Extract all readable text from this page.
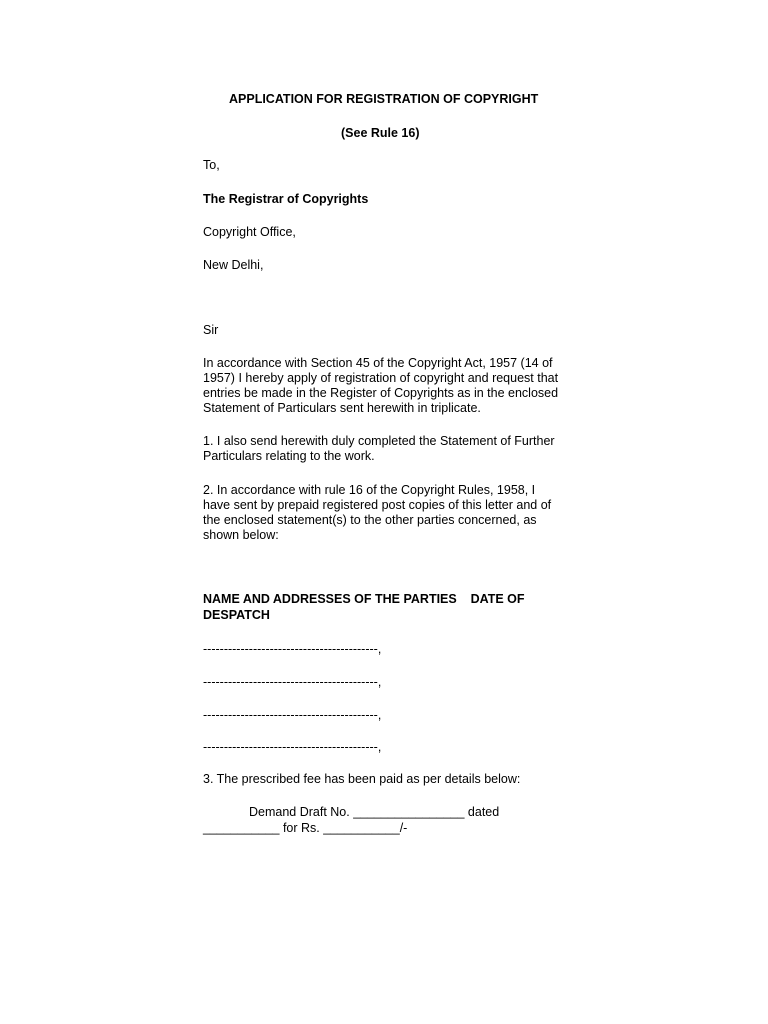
APPLICATION FOR REGISTRATION OF COPYRIGHT
(See Rule 16)
To,
The Registrar of Copyrights
Copyright Office,
New Delhi,
Sir
In accordance with Section 45 of the Copyright Act, 1957 (14 of
1957) I hereby apply of registration of copyright and request that
entries be made in the Register of Copyrights as in the enclosed
Statement of Particulars sent herewith in triplicate.
1. I also send herewith duly completed the Statement of Further
Particulars relating to the work.
2. In accordance with rule 16 of the Copyright Rules, 1958, I
have sent by prepaid registered post copies of this letter and of
the enclosed statement(s) to the other parties concerned, as
shown below:
NAME AND ADDRESSES OF THE PARTIES    DATE OF
DESPATCH
------------------------------------------,
------------------------------------------,
------------------------------------------,
------------------------------------------,
3. The prescribed fee has been paid as per details below:
Demand Draft No. ________________ dated
___________ for Rs. ___________/-
